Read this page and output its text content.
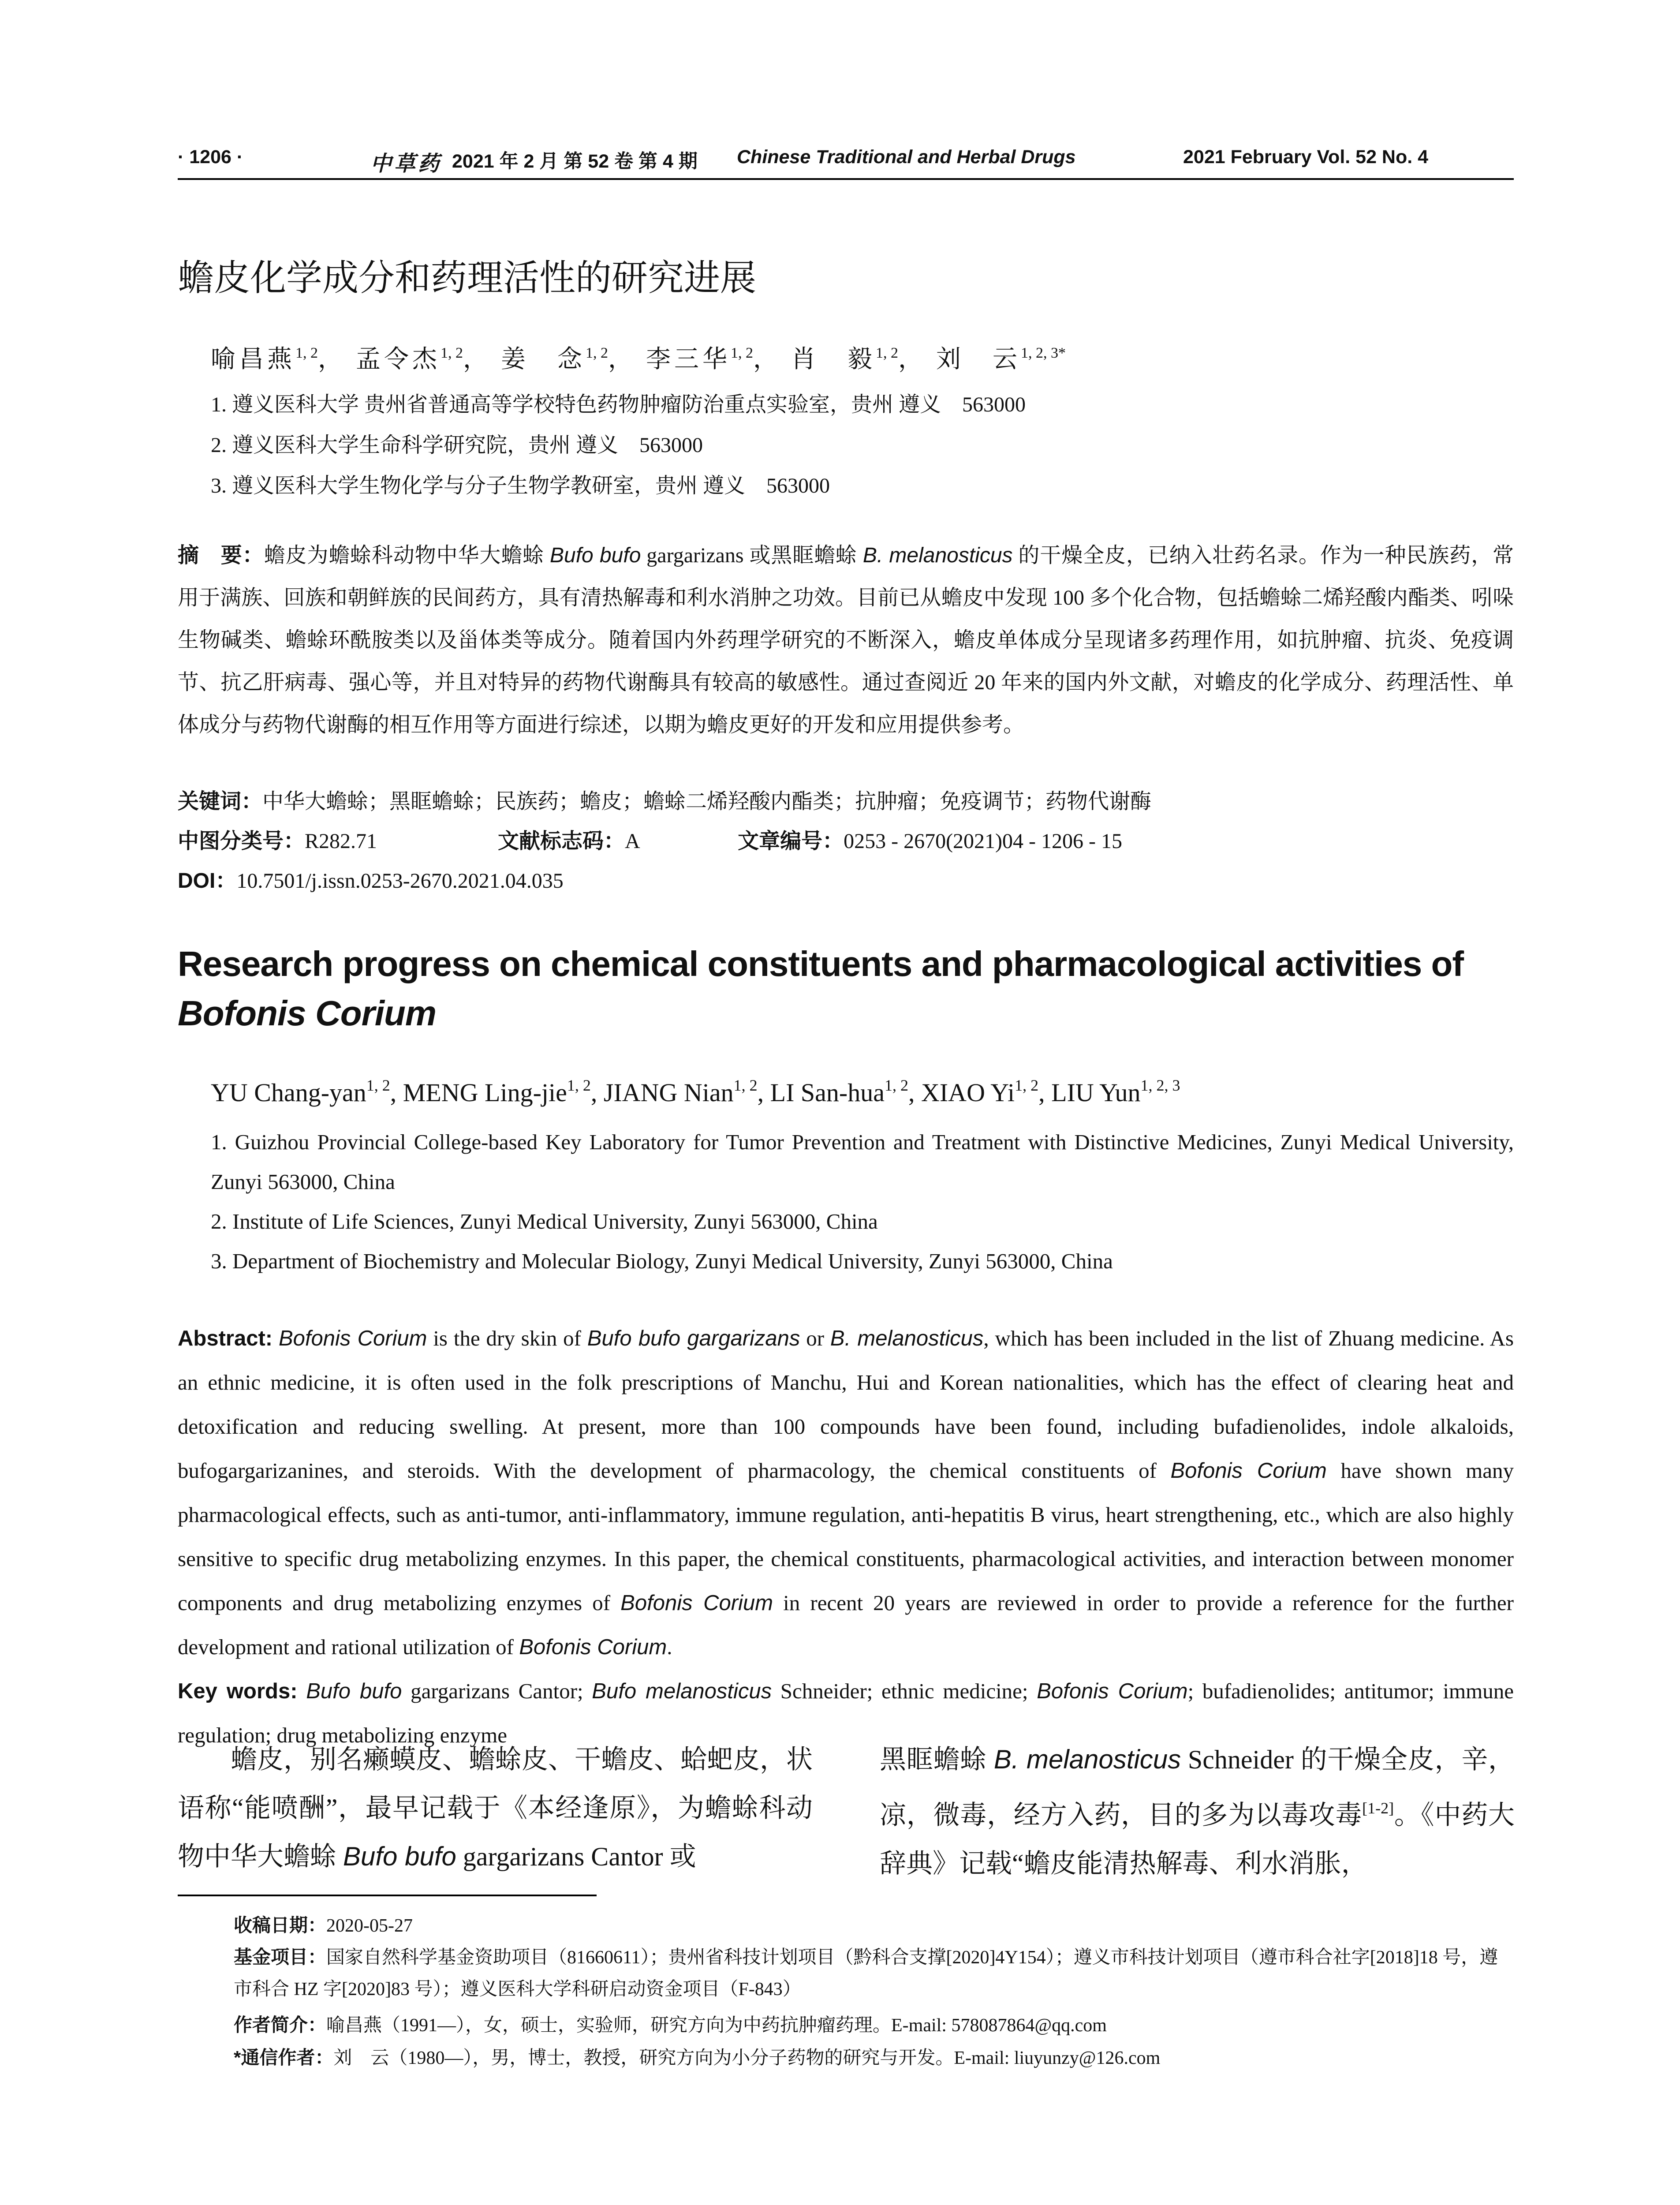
· 1206 ·	中草药 2021 年 2 月 第 52 卷 第 4 期 Chinese Traditional and Herbal Drugs	2021 February Vol. 52 No. 4
蟾皮化学成分和药理活性的研究进展
喻昌燕$^{1, 2}$， 孟令杰$^{1, 2}$， 姜　念$^{1, 2}$， 李三华$^{1, 2}$， 肖　毅$^{1, 2}$， 刘　云$^{1, 2, 3*}$
1. 遵义医科大学 贵州省普通高等学校特色药物肿瘤防治重点实验室，贵州 遵义　563000
2. 遵义医科大学生命科学研究院，贵州 遵义　563000
3. 遵义医科大学生物化学与分子生物学教研室，贵州 遵义　563000
摘　要：蟾皮为蟾蜍科动物中华大蟾蜍 Bufo bufo gargarizans 或黑眶蟾蜍 B. melanosticus 的干燥全皮，已纳入壮药名录。作为一种民族药，常用于满族、回族和朝鲜族的民间药方，具有清热解毒和利水消肿之功效。目前已从蟾皮中发现 100 多个化合物，包括蟾蜍二烯羟酸内酯类、吲哚生物碱类、蟾蜍环酰胺类以及甾体类等成分。随着国内外药理学研究的不断深入，蟾皮单体成分呈现诸多药理作用，如抗肿瘤、抗炎、免疫调节、抗乙肝病毒、强心等，并且对特异的药物代谢酶具有较高的敏感性。通过查阅近 20 年来的国内外文献，对蟾皮的化学成分、药理活性、单体成分与药物代谢酶的相互作用等方面进行综述，以期为蟾皮更好的开发和应用提供参考。
关键词：中华大蟾蜍；黑眶蟾蜍；民族药；蟾皮；蟾蜍二烯羟酸内酯类；抗肿瘤；免疫调节；药物代谢酶
中图分类号：R282.71	文献标志码：A	文章编号：0253 - 2670(2021)04 - 1206 - 15
DOI：10.7501/j.issn.0253-2670.2021.04.035
Research progress on chemical constituents and pharmacological activities of
Bofonis Corium
YU Chang-yan$^{1, 2}$, MENG Ling-jie$^{1, 2}$, JIANG Nian$^{1, 2}$, LI San-hua$^{1, 2}$, XIAO Yi$^{1, 2}$, LIU Yun$^{1, 2, 3}$
1. Guizhou Provincial College-based Key Laboratory for Tumor Prevention and Treatment with Distinctive Medicines, Zunyi Medical University, Zunyi 563000, China
2. Institute of Life Sciences, Zunyi Medical University, Zunyi 563000, China
3. Department of Biochemistry and Molecular Biology, Zunyi Medical University, Zunyi 563000, China
Abstract: Bofonis Corium is the dry skin of Bufo bufo gargarizans or B. melanosticus, which has been included in the list of Zhuang medicine. As an ethnic medicine, it is often used in the folk prescriptions of Manchu, Hui and Korean nationalities, which has the effect of clearing heat and detoxification and reducing swelling. At present, more than 100 compounds have been found, including bufadienolides, indole alkaloids, bufogargarizanines, and steroids. With the development of pharmacology, the chemical constituents of Bofonis Corium have shown many pharmacological effects, such as anti-tumor, anti-inflammatory, immune regulation, anti-hepatitis B virus, heart strengthening, etc., which are also highly sensitive to specific drug metabolizing enzymes. In this paper, the chemical constituents, pharmacological activities, and interaction between monomer components and drug metabolizing enzymes of Bofonis Corium in recent 20 years are reviewed in order to provide a reference for the further development and rational utilization of Bofonis Corium.
Key words: Bufo bufo gargarizans Cantor; Bufo melanosticus Schneider; ethnic medicine; Bofonis Corium; bufadienolides; antitumor; immune regulation; drug metabolizing enzyme
蟾皮，别名癞蟆皮、蟾蜍皮、干蟾皮、蛤蚆皮，状语称“能喷酬”，最早记载于《本经逢原》，为蟾蜍科动物中华大蟾蜍 Bufo bufo gargarizans Cantor 或
黑眶蟾蜍 B. melanosticus Schneider 的干燥全皮，辛，凉，微毒，经方入药，目的多为以毒攻毒[1-2]。《中药大辞典》记载“蟾皮能清热解毒、利水消胀，
收稿日期：2020-05-27
基金项目：国家自然科学基金资助项目（81660611）；贵州省科技计划项目（黔科合支撑[2020]4Y154）；遵义市科技计划项目（遵市科合社字[2018]18 号，遵市科合 HZ 字[2020]83 号）；遵义医科大学科研启动资金项目（F-843）
作者简介：喻昌燕（1991—），女，硕士，实验师，研究方向为中药抗肿瘤药理。E-mail: 578087864@qq.com
*通信作者：刘　云（1980—），男，博士，教授，研究方向为小分子药物的研究与开发。E-mail: liuyunzy@126.com
